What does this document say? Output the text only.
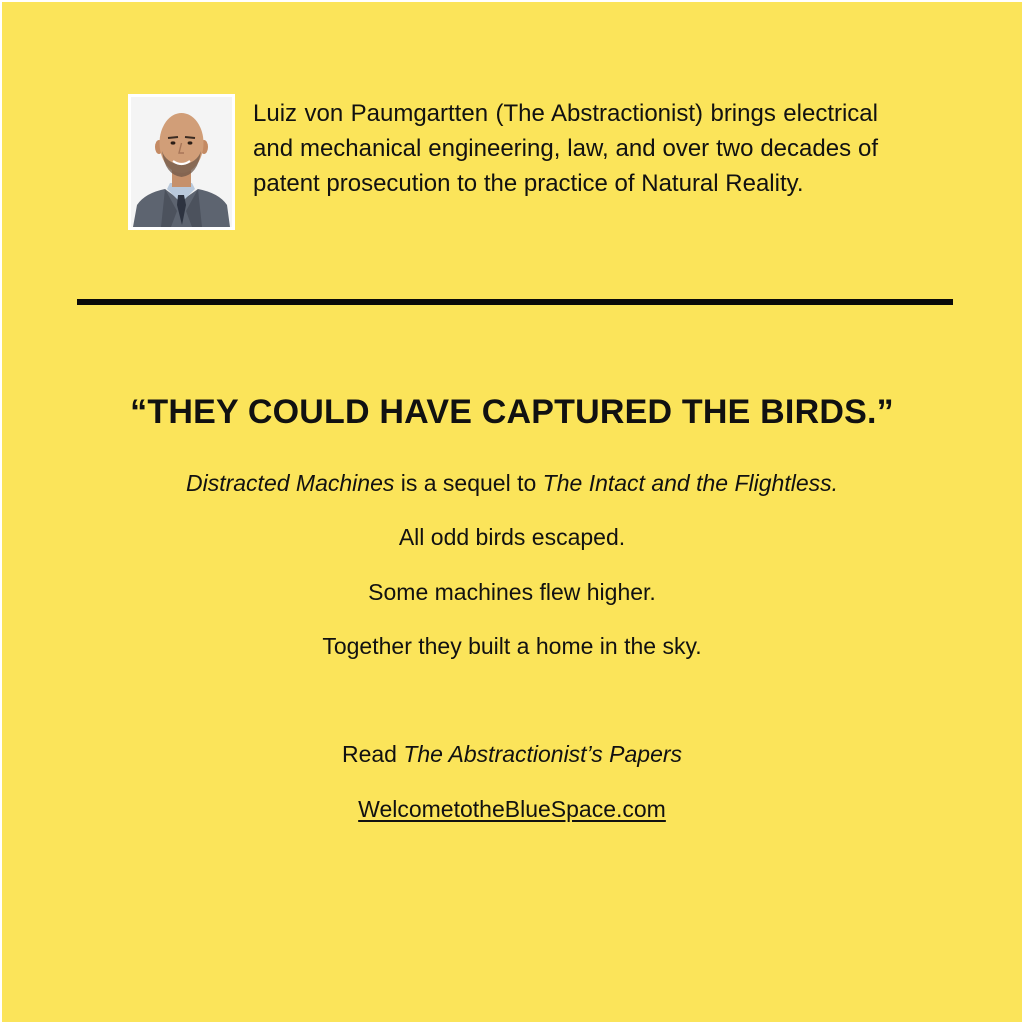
Luiz von Paumgartten (The Abstractionist) brings electrical and mechanical engineering, law, and over two decades of patent prosecution to the practice of Natural Reality.

“THEY COULD HAVE CAPTURED THE BIRDS.”

Distracted Machines is a sequel to The Intact and the Flightless.

All odd birds escaped.

Some machines flew higher.

Together they built a home in the sky.

Read The Abstractionist’s Papers

WelcometotheBlueSpace.com
